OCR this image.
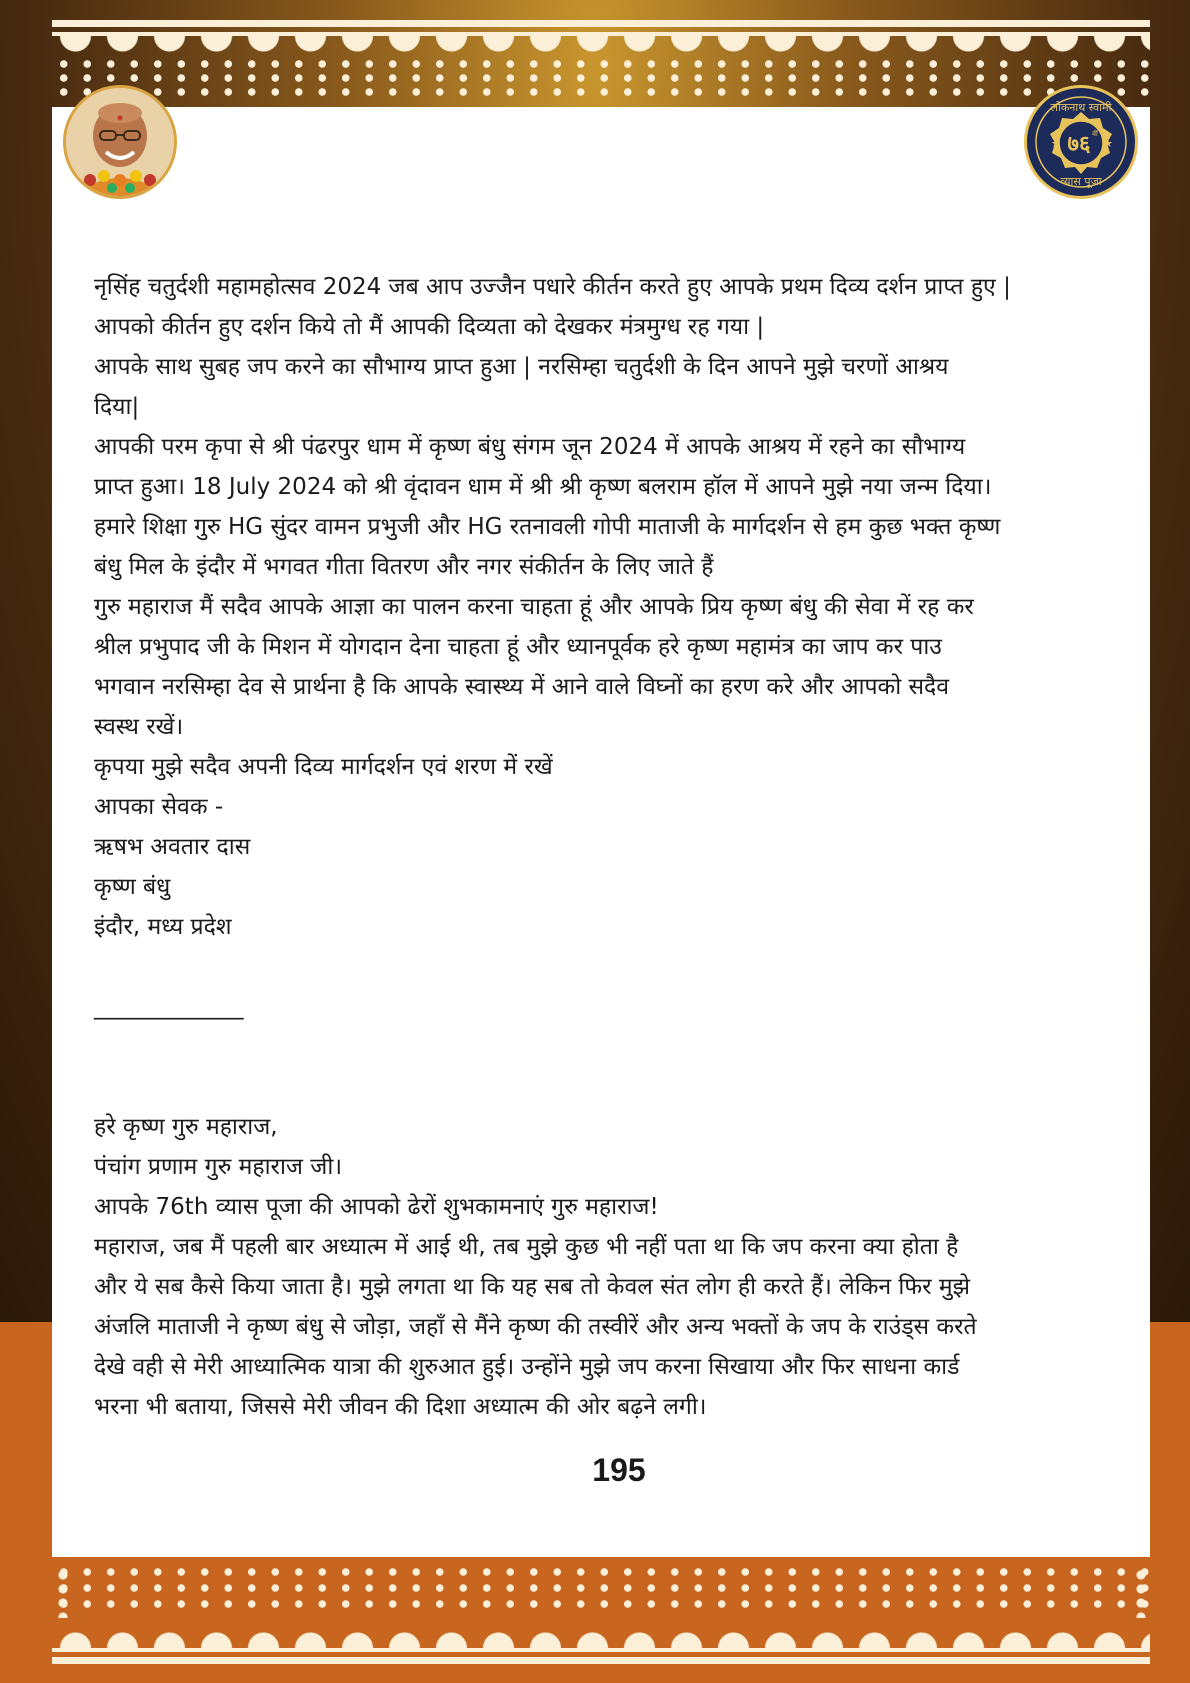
★	★
लोकनाथ स्वामी
७६ वीं
व्यास पूजा

नृसिंह चतुर्दशी महामहोत्सव 2024 जब आप उज्जैन पधारे कीर्तन करते हुए आपके प्रथम दिव्य दर्शन प्राप्त हुए |

आपको कीर्तन हुए दर्शन किये तो मैं आपकी दिव्यता को देखकर मंत्रमुग्ध रह गया |

आपके साथ सुबह जप करने का सौभाग्य प्राप्त हुआ | नरसिम्हा चतुर्दशी के दिन आपने मुझे चरणों आश्रय

दिया|

आपकी परम कृपा से श्री पंढरपुर धाम में कृष्ण बंधु संगम जून 2024 में आपके आश्रय में रहने का सौभाग्य

प्राप्त हुआ। 18 July 2024 को श्री वृंदावन धाम में श्री श्री कृष्ण बलराम हॉल में आपने मुझे नया जन्म दिया।

हमारे शिक्षा गुरु HG सुंदर वामन प्रभुजी और HG रतनावली गोपी माताजी के मार्गदर्शन से हम कुछ भक्त कृष्ण

बंधु मिल के इंदौर में भगवत गीता वितरण और नगर संकीर्तन के लिए जाते हैं

गुरु महाराज मैं सदैव आपके आज्ञा का पालन करना चाहता हूं और आपके प्रिय कृष्ण बंधु की सेवा में रह कर

श्रील प्रभुपाद जी के मिशन में योगदान देना चाहता हूं और ध्यानपूर्वक हरे कृष्ण महामंत्र का जाप कर पाउ

भगवान नरसिम्हा देव से प्रार्थना है कि आपके स्वास्थ्य में आने वाले विघ्नों का हरण करे और आपको सदैव

स्वस्थ रखें।

कृपया मुझे सदैव अपनी दिव्य मार्गदर्शन एवं शरण में रखें

आपका सेवक -

ऋषभ अवतार दास

कृष्ण बंधु

इंदौर, मध्य प्रदेश

_____________

हरे कृष्ण गुरु महाराज,

पंचांग प्रणाम गुरु महाराज जी।

आपके 76th व्यास पूजा की आपको ढेरों शुभकामनाएं गुरु महाराज!

महाराज, जब मैं पहली बार अध्यात्म में आई थी, तब मुझे कुछ भी नहीं पता था कि जप करना क्या होता है

और ये सब कैसे किया जाता है। मुझे लगता था कि यह सब तो केवल संत लोग ही करते हैं। लेकिन फिर मुझे

अंजलि माताजी ने कृष्ण बंधु से जोड़ा, जहाँ से मैंने कृष्ण की तस्वीरें और अन्य भक्तों के जप के राउंड्स करते

देखे वही से मेरी आध्यात्मिक यात्रा की शुरुआत हुई। उन्होंने मुझे जप करना सिखाया और फिर साधना कार्ड

भरना भी बताया, जिससे मेरी जीवन की दिशा अध्यात्म की ओर बढ़ने लगी।

195
